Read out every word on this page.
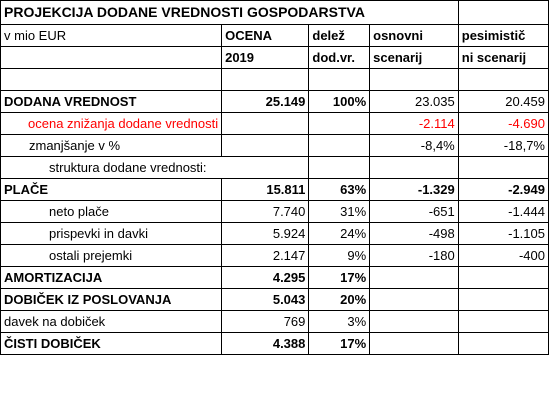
PROJEKCIJA DODANE VREDNOSTI GOSPODARSTVA				
v mio EUR	OCENA	delež	osnovni	pesimistič
	2019	dod.vr.	scenarij	ni scenarij

DODANA VREDNOST	25.149	100%	23.035	20.459
ocena znižanja dodane vrednosti			-2.114	-4.690
zmanjšanje v %			-8,4%	-18,7%
struktura dodane vrednosti:				
PLAČE	15.811	63%	-1.329	-2.949
neto plače	7.740	31%	-651	-1.444
prispevki in davki	5.924	24%	-498	-1.105
ostali prejemki	2.147	9%	-180	-400
AMORTIZACIJA	4.295	17%		
DOBIČEK IZ POSLOVANJA	5.043	20%		
davek na dobiček	769	3%		
ČISTI DOBIČEK	4.388	17%		
